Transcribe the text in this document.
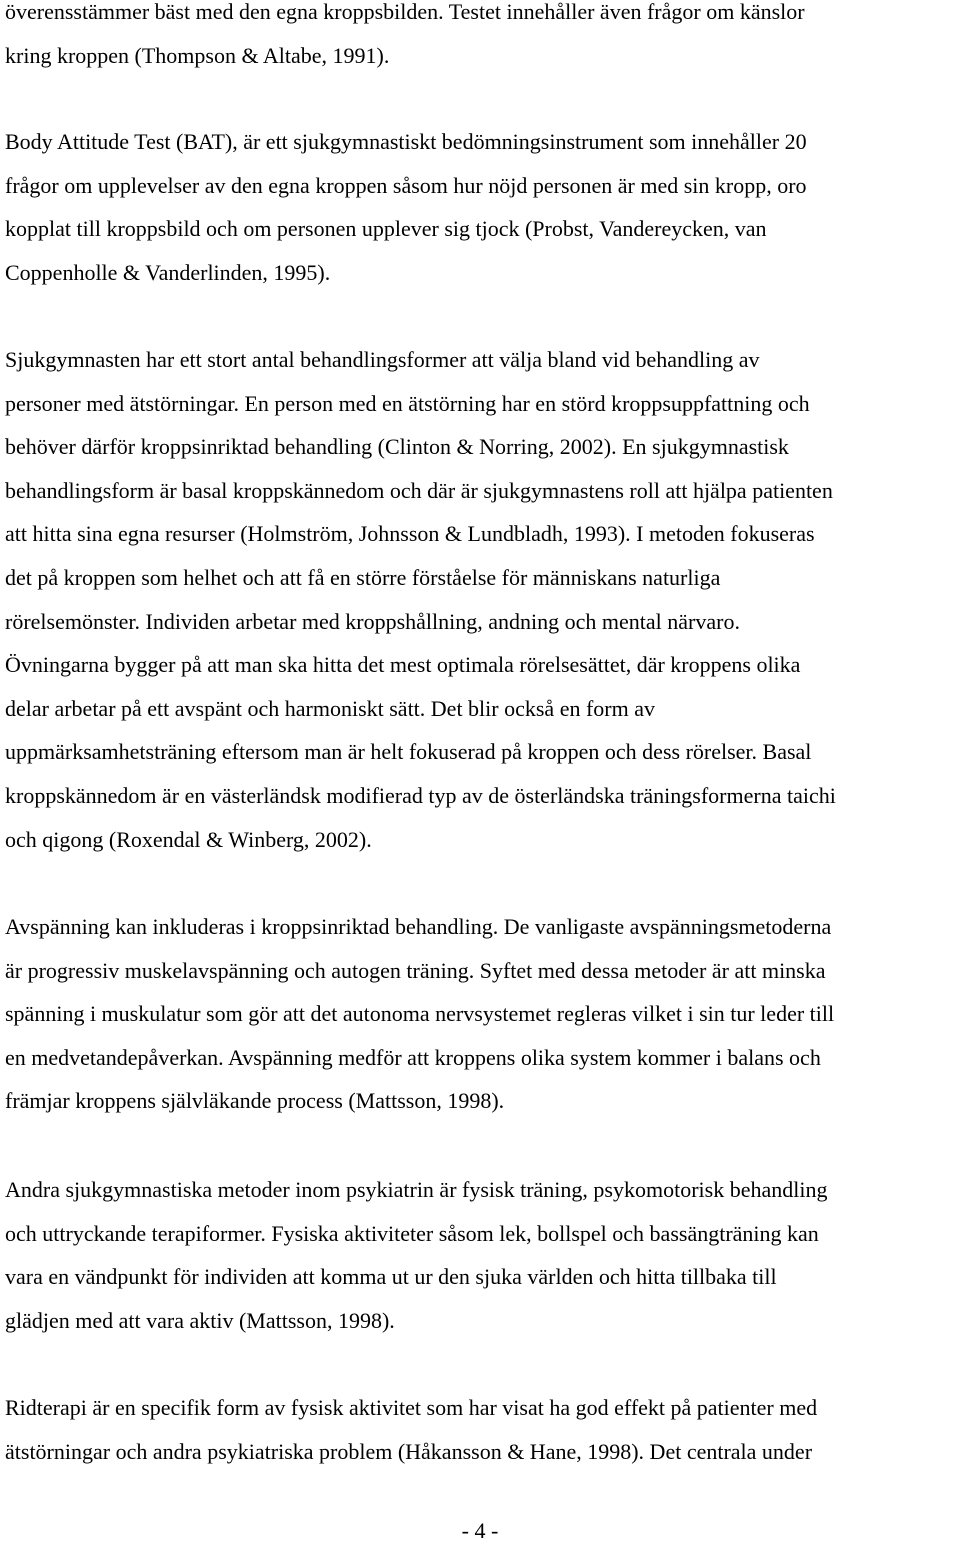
överensstämmer bäst med den egna kroppsbilden. Testet innehåller även frågor om känslor
kring kroppen (Thompson & Altabe, 1991).
Body Attitude Test (BAT), är ett sjukgymnastiskt bedömningsinstrument som innehåller 20
frågor om upplevelser av den egna kroppen såsom hur nöjd personen är med sin kropp, oro
kopplat till kroppsbild och om personen upplever sig tjock (Probst, Vandereycken, van
Coppenholle & Vanderlinden, 1995).
Sjukgymnasten har ett stort antal behandlingsformer att välja bland vid behandling av
personer med ätstörningar. En person med en ätstörning har en störd kroppsuppfattning och
behöver därför kroppsinriktad behandling (Clinton & Norring, 2002). En sjukgymnastisk
behandlingsform är basal kroppskännedom och där är sjukgymnastens roll att hjälpa patienten
att hitta sina egna resurser (Holmström, Johnsson & Lundbladh, 1993). I metoden fokuseras
det på kroppen som helhet och att få en större förståelse för människans naturliga
rörelsemönster. Individen arbetar med kroppshållning, andning och mental närvaro.
Övningarna bygger på att man ska hitta det mest optimala rörelsesättet, där kroppens olika
delar arbetar på ett avspänt och harmoniskt sätt. Det blir också en form av
uppmärksamhetsträning eftersom man är helt fokuserad på kroppen och dess rörelser. Basal
kroppskännedom är en västerländsk modifierad typ av de österländska träningsformerna taichi
och qigong (Roxendal & Winberg, 2002).
Avspänning kan inkluderas i kroppsinriktad behandling. De vanligaste avspänningsmetoderna
är progressiv muskelavspänning och autogen träning. Syftet med dessa metoder är att minska
spänning i muskulatur som gör att det autonoma nervsystemet regleras vilket i sin tur leder till
en medvetandepåverkan. Avspänning medför att kroppens olika system kommer i balans och
främjar kroppens självläkande process (Mattsson, 1998).
Andra sjukgymnastiska metoder inom psykiatrin är fysisk träning, psykomotorisk behandling
och uttryckande terapiformer. Fysiska aktiviteter såsom lek, bollspel och bassängträning kan
vara en vändpunkt för individen att komma ut ur den sjuka världen och hitta tillbaka till
glädjen med att vara aktiv (Mattsson, 1998).
Ridterapi är en specifik form av fysisk aktivitet som har visat ha god effekt på patienter med
ätstörningar och andra psykiatriska problem (Håkansson & Hane, 1998). Det centrala under
- 4 -
